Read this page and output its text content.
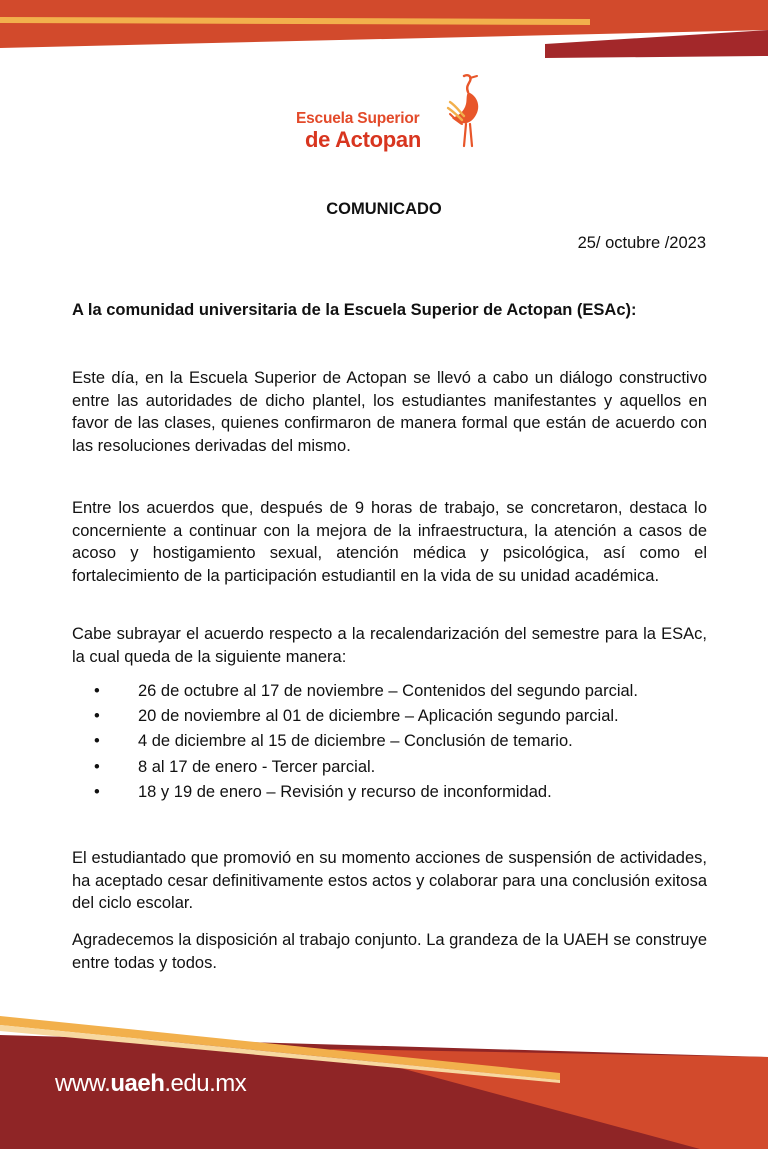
Escuela Superior
de Actopan
COMUNICADO
25/ octubre /2023
A la comunidad universitaria de la Escuela Superior de Actopan (ESAc):

Este día, en la Escuela Superior de Actopan se llevó a cabo un diálogo constructivo entre las autoridades de dicho plantel, los estudiantes manifestantes y aquellos en favor de las clases, quienes confirmaron de manera formal que están de acuerdo con las resoluciones derivadas del mismo.

Entre los acuerdos que, después de 9 horas de trabajo, se concretaron, destaca lo concerniente a continuar con la mejora de la infraestructura, la atención a casos de acoso y hostigamiento sexual, atención médica y psicológica, así como el fortalecimiento de la participación estudiantil en la vida de su unidad académica.

Cabe subrayar el acuerdo respecto a la recalendarización del semestre para la ESAc, la cual queda de la siguiente manera:

• 26 de octubre al 17 de noviembre – Contenidos del segundo parcial.
• 20 de noviembre al 01 de diciembre – Aplicación segundo parcial.
• 4 de diciembre al 15 de diciembre – Conclusión de temario.
• 8 al 17 de enero - Tercer parcial.
• 18 y 19 de enero – Revisión y recurso de inconformidad.

El estudiantado que promovió en su momento acciones de suspensión de actividades, ha aceptado cesar definitivamente estos actos y colaborar para una conclusión exitosa del ciclo escolar.

Agradecemos la disposición al trabajo conjunto. La grandeza de la UAEH se construye entre todas y todos.

www.uaeh.edu.mx
